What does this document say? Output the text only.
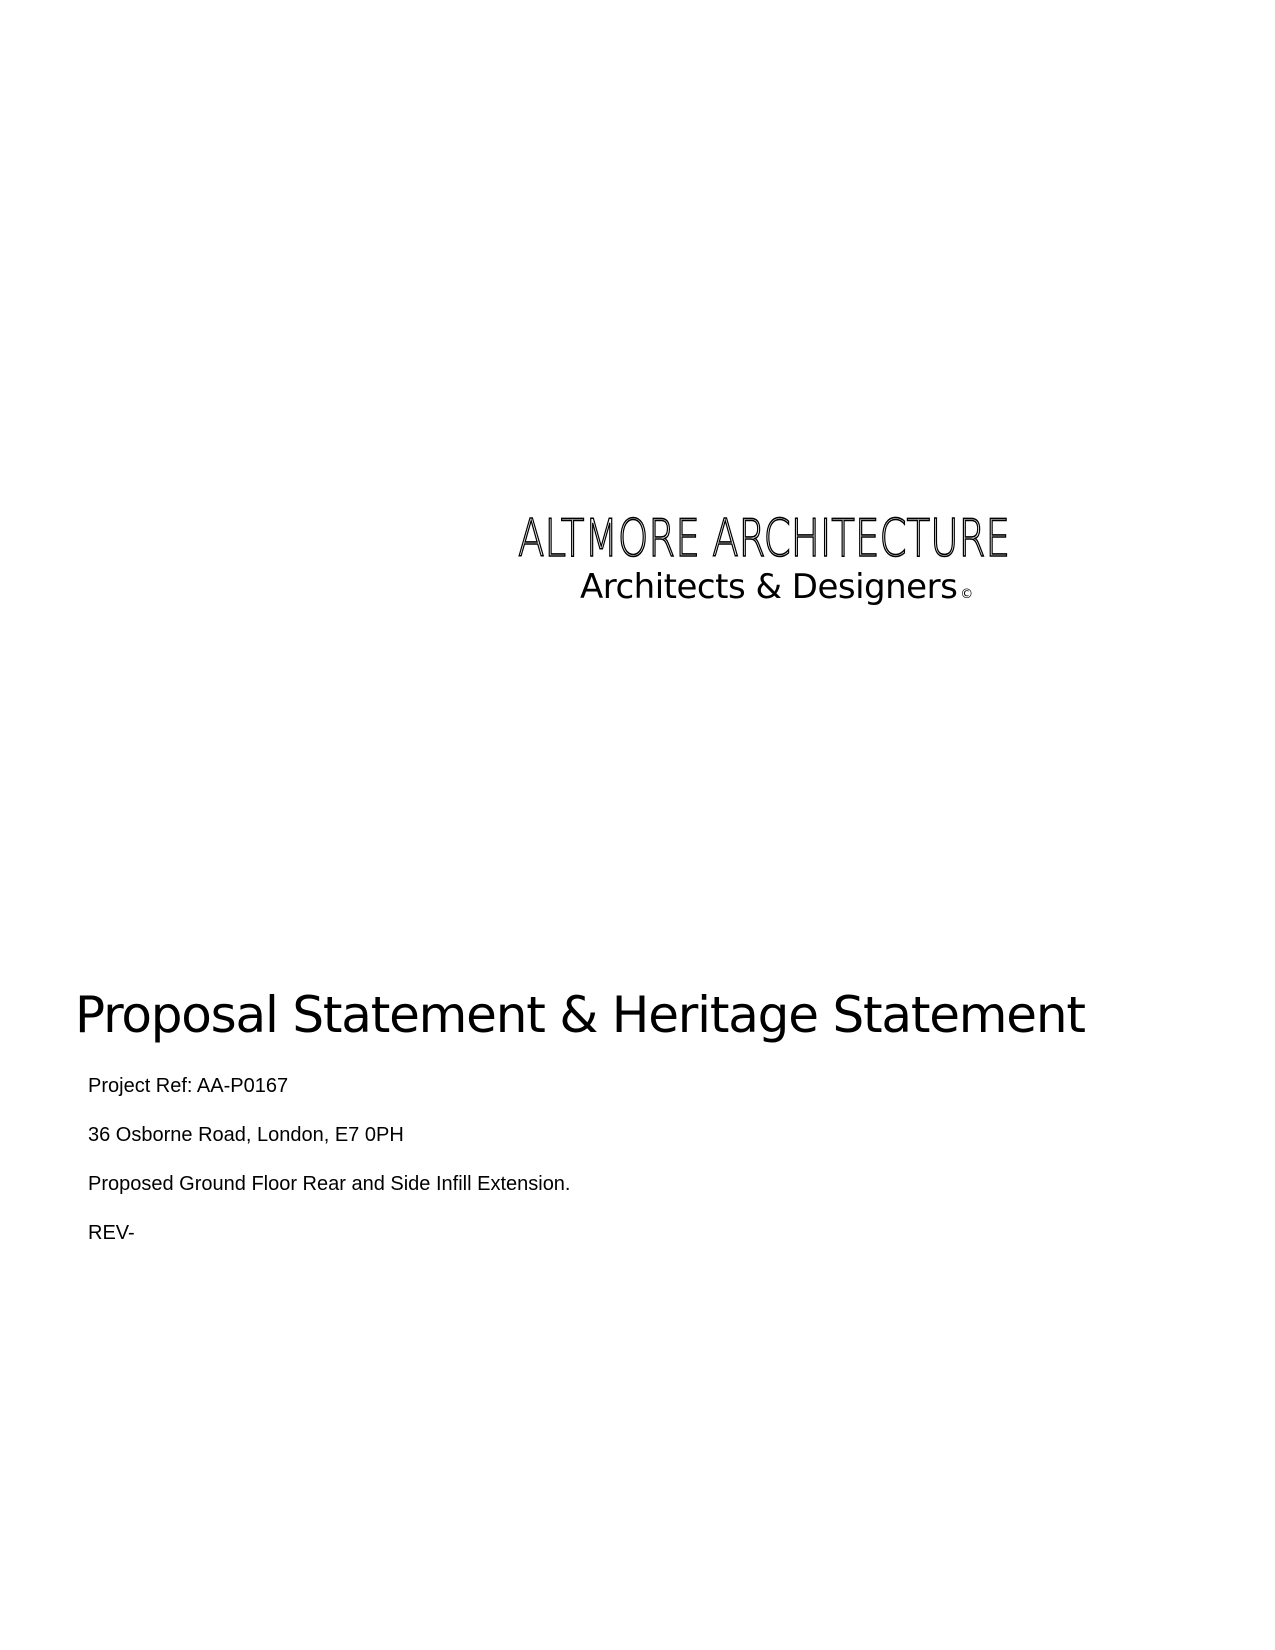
ALTMORE ARCHITECTURE
Architects & Designers ©
Proposal Statement & Heritage Statement
Project Ref: AA-P0167
36 Osborne Road, London, E7 0PH
Proposed Ground Floor Rear and Side Infill Extension.
REV-
